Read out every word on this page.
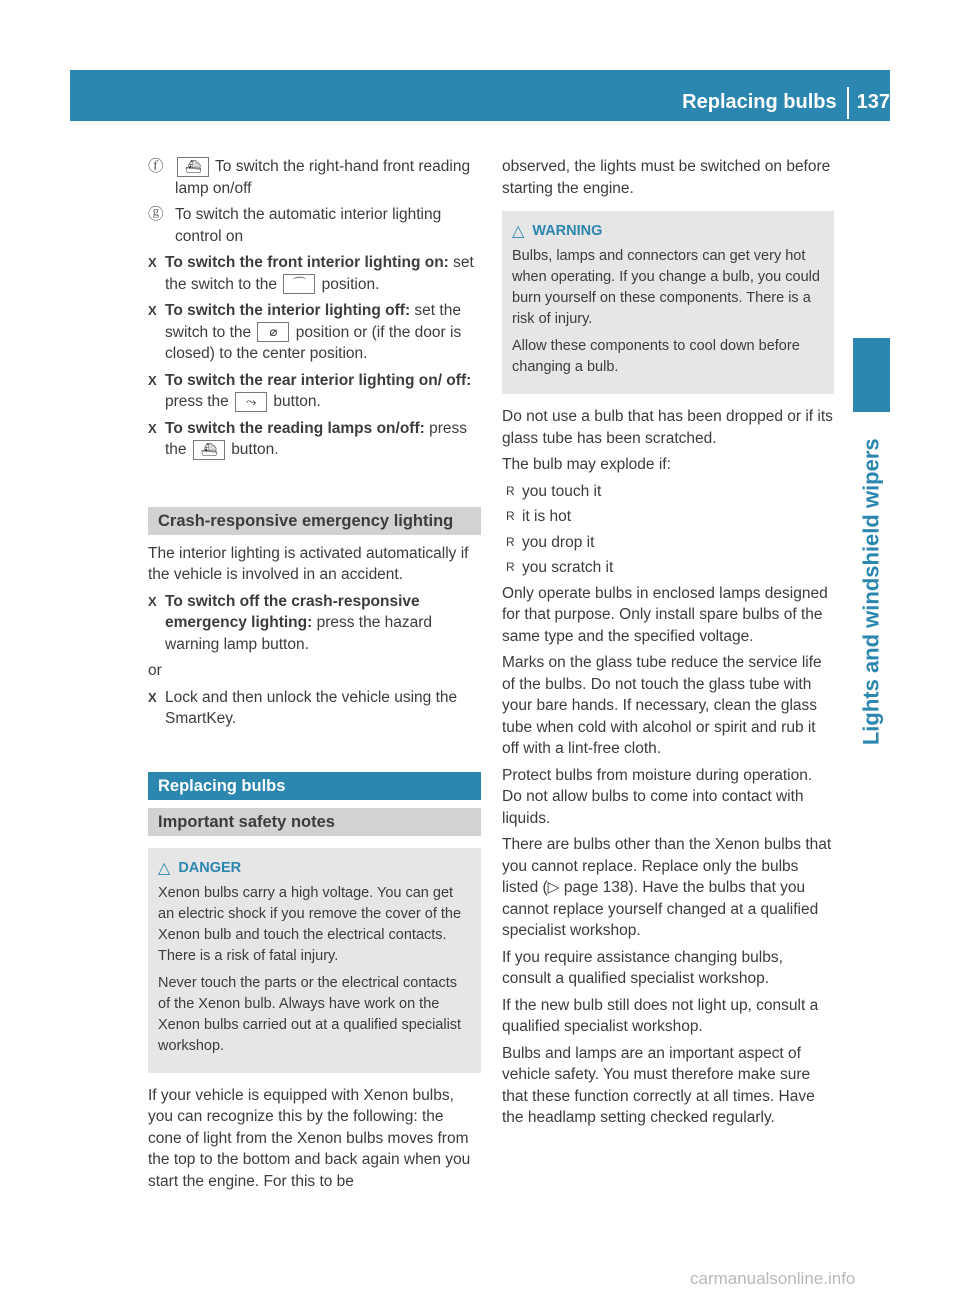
Replacing bulbs 137
Lights and windshield wipers
ⓕ	⛴ To switch the right-hand front reading lamp on/off
ⓖ To switch the automatic interior lighting control on
X To switch the front interior lighting on: set the switch to the ⌒ position.
X To switch the interior lighting off: set the switch to the ⌀ position or (if the door is closed) to the center position.
X To switch the rear interior lighting on/ off: press the ⤳ button.
X To switch the reading lamps on/off: press the ⛴ button.
Crash-responsive emergency lighting

The interior lighting is activated automatically if the vehicle is involved in an accident.

X To switch off the crash-responsive emergency lighting: press the hazard warning lamp button.

or

X Lock and then unlock the vehicle using the SmartKey.
Replacing bulbs
Important safety notes
△ DANGER

Xenon bulbs carry a high voltage. You can get an electric shock if you remove the cover of the Xenon bulb and touch the electrical contacts. There is a risk of fatal injury.

Never touch the parts or the electrical contacts of the Xenon bulb. Always have work on the Xenon bulbs carried out at a qualified specialist workshop.

If your vehicle is equipped with Xenon bulbs, you can recognize this by the following: the cone of light from the Xenon bulbs moves from the top to the bottom and back again when you start the engine. For this to be

observed, the lights must be switched on before starting the engine.

△ WARNING

Bulbs, lamps and connectors can get very hot when operating. If you change a bulb, you could burn yourself on these components. There is a risk of injury.

Allow these components to cool down before changing a bulb.

Do not use a bulb that has been dropped or if its glass tube has been scratched.

The bulb may explode if:

R you touch it
R it is hot
R you drop it
R you scratch it

Only operate bulbs in enclosed lamps designed for that purpose. Only install spare bulbs of the same type and the specified voltage.

Marks on the glass tube reduce the service life of the bulbs. Do not touch the glass tube with your bare hands. If necessary, clean the glass tube when cold with alcohol or spirit and rub it off with a lint-free cloth.

Protect bulbs from moisture during operation. Do not allow bulbs to come into contact with liquids.

There are bulbs other than the Xenon bulbs that you cannot replace. Replace only the bulbs listed (▷ page 138). Have the bulbs that you cannot replace yourself changed at a qualified specialist workshop.

If you require assistance changing bulbs, consult a qualified specialist workshop.

If the new bulb still does not light up, consult a qualified specialist workshop.

Bulbs and lamps are an important aspect of vehicle safety. You must therefore make sure that these function correctly at all times. Have the headlamp setting checked regularly.

carmanualsonline.info
